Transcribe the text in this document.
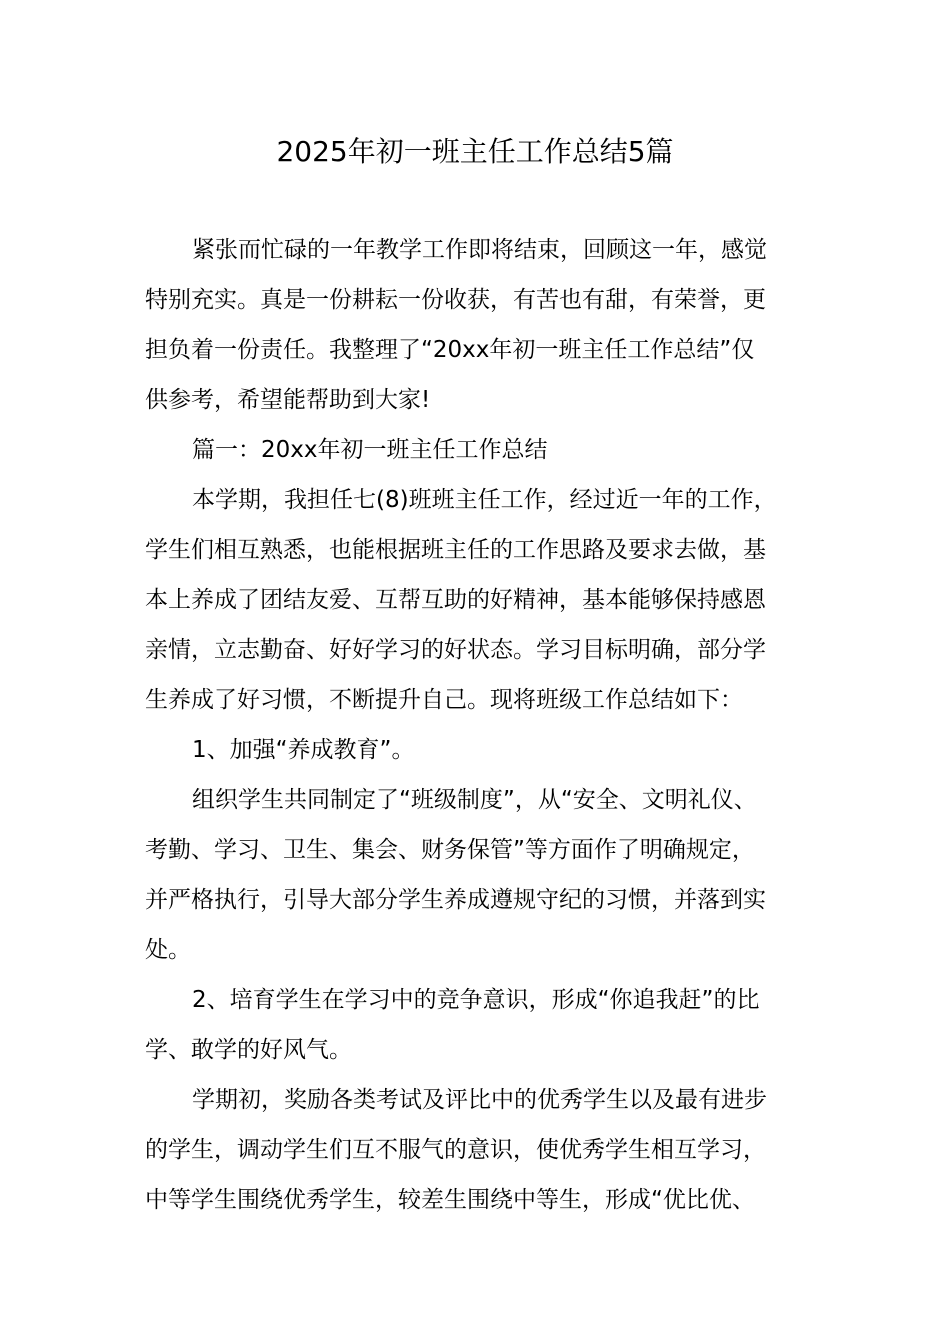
2025年初一班主任工作总结5篇

紧张而忙碌的一年教学工作即将结束，回顾这一年，感觉

特别充实。真是一份耕耘一份收获，有苦也有甜，有荣誉，更

担负着一份责任。我整理了“20xx年初一班主任工作总结”仅

供参考，希望能帮助到大家!

篇一：20xx年初一班主任工作总结

本学期，我担任七(8)班班主任工作，经过近一年的工作，

学生们相互熟悉，也能根据班主任的工作思路及要求去做，基

本上养成了团结友爱、互帮互助的好精神，基本能够保持感恩

亲情，立志勤奋、好好学习的好状态。学习目标明确，部分学

生养成了好习惯，不断提升自己。现将班级工作总结如下：

1、加强“养成教育”。

组织学生共同制定了“班级制度”，从“安全、文明礼仪、

考勤、学习、卫生、集会、财务保管”等方面作了明确规定，

并严格执行，引导大部分学生养成遵规守纪的习惯，并落到实

处。

2、培育学生在学习中的竞争意识，形成“你追我赶”的比

学、敢学的好风气。

学期初，奖励各类考试及评比中的优秀学生以及最有进步

的学生，调动学生们互不服气的意识，使优秀学生相互学习，

中等学生围绕优秀学生，较差生围绕中等生，形成“优比优、
